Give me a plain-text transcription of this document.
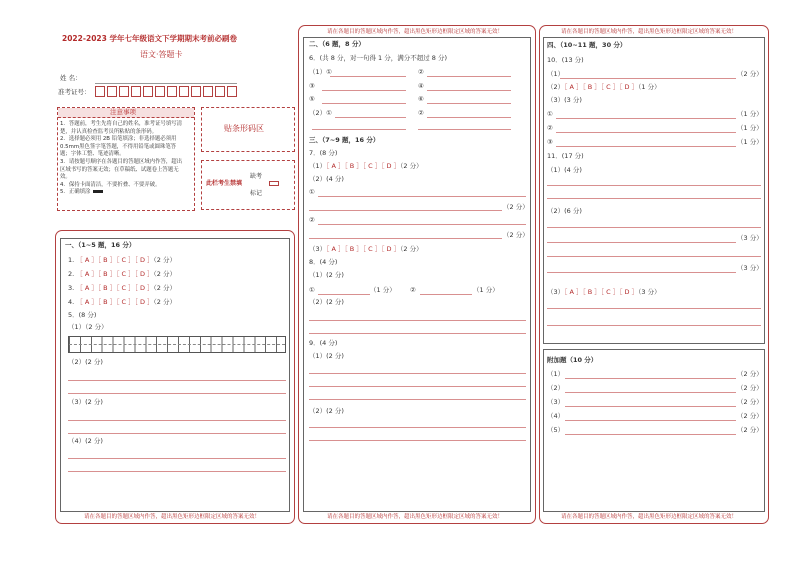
2022-2023 学年七年级语文下学期期末考前必刷卷
语文·答题卡
姓 名：
准考证号：
注意事项
1．答题前，考生先将自己的姓名，准考证号填写清
楚，并认真检查监考员所粘贴的条形码。
2．选择题必须用 2B 铅笔填涂；非选择题必须用
0.5mm黑色签字笔答题，不得用铅笔或圆珠笔答
题；字体工整、笔迹清晰。
3．请按题号顺序在各题目的答题区域内作答，超出
区域书写的答案无效；在草稿纸、试题卷上答题无
效。
4．保持卡面清洁，不要折叠、不要弄破。
5．正确填涂
贴条形码区
此栏考生禁填
缺考
标记
一、（1~5 题，16 分）
1. ［ A ］［ B ］［ C ］［ D ］（2 分）
2. ［ A ］［ B ］［ C ］［ D ］（2 分）
3. ［ A ］［ B ］［ C ］［ D ］（2 分）
4. ［ A ］［ B ］［ C ］［ D ］（2 分）
5．(8 分)
（1）（2 分）
（2）(2 分)
（3）(2 分)
（4）(2 分)
请在各题目的答题区域内作答，超出黑色矩形边框限定区域的答案无效！
请在各题目的答题区域内作答，超出黑色矩形边框限定区域的答案无效！
二、（6 题，8 分）
6．(共 8 分，对一句得 1 分，满分不超过 8 分)
（1）①	②
③	④
⑤	⑥
（2）①	②
三、（7~9 题，16 分）
7．(8 分)
（1）［ A ］［ B ］［ C ］［ D ］（2 分）
（2）(4 分)
①
（2 分）
②
（2 分）
（3）［ A ］［ B ］［ C ］［ D ］（2 分）
8．(4 分)
（1）(2 分)
①	（1 分） ②	（1 分）
（2）(2 分)
9．(4 分)
（1）(2 分)
（2）(2 分)
请在各题目的答题区域内作答，超出黑色矩形边框限定区域的答案无效！
请在各题目的答题区域内作答，超出黑色矩形边框限定区域的答案无效！
四、（10~11 题，30 分）
10．(13 分)
（1）	（2 分）
（2）［ A ］［ B ］［ C ］［ D ］（1 分）
（3）(3 分)
①	（1 分）
②	（1 分）
③	（1 分）
11．(17 分)
（1）(4 分)
（2）(6 分)
（3 分）
（3 分）
（3）［ A ］［ B ］［ C ］［ D ］（3 分）
附加题（10 分）
（1）	（2 分）
（2）	（2 分）
（3）	（2 分）
（4）	（2 分）
（5）	（2 分）
请在各题目的答题区域内作答，超出黑色矩形边框限定区域的答案无效！
